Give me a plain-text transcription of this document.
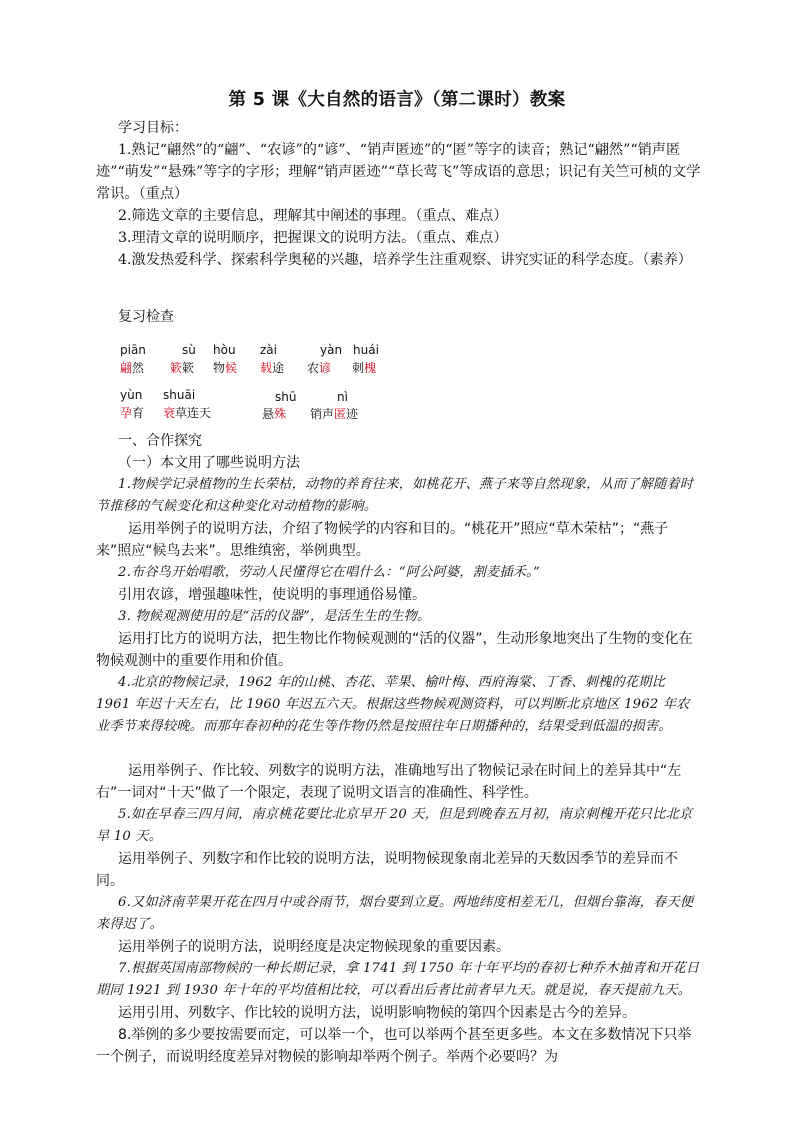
第 5 课《大自然的语言》（第二课时）教案

学习目标：

1.熟记“翩然”的“翩”、“农谚”的“谚”、“销声匿迹”的“匿”等字的读音；熟记“翩然”“销声匿迹”“萌发”“悬殊”等字的字形；理解“销声匿迹”“草长莺飞”等成语的意思；识记有关竺可桢的文学常识。（重点）

2.筛选文章的主要信息，理解其中阐述的事理。（重点、难点）

3.理清文章的说明顺序，把握课文的说明方法。（重点、难点）

4.激发热爱科学、探索科学奥秘的兴趣，培养学生注重观察、讲究实证的科学态度。（素养）

复习检查

piān
翩然
sù
簌簌
hòu
物候
zài
载途
yàn
农谚
huái
刺槐
yùn
孕育
shuāi
衰草连天
shū
悬殊
nì
销声匿迹

一、合作探究

（一）本文用了哪些说明方法

1.物候学记录植物的生长荣枯，动物的养育往来，如桃花开、燕子来等自然现象，从而了解随着时节推移的气候变化和这种变化对动植物的影响。

运用举例子的说明方法，介绍了物候学的内容和目的。“桃花开”照应“草木荣枯”；“燕子来”照应“候鸟去来”。思维缜密，举例典型。

2.布谷鸟开始唱歌，劳动人民懂得它在唱什么：“阿公阿婆，割麦插禾。”

引用农谚，增强趣味性，使说明的事理通俗易懂。

3. 物候观测使用的是“活的仪器”，是活生生的生物。

运用打比方的说明方法，把生物比作物候观测的“活的仪器”，生动形象地突出了生物的变化在物候观测中的重要作用和价值。

4.北京的物候记录，1962 年的山桃、杏花、苹果、榆叶梅、西府海棠、丁香、刺槐的花期比 1961 年迟十天左右，比 1960 年迟五六天。根据这些物候观测资料，可以判断北京地区 1962 年农业季节来得较晚。而那年春初种的花生等作物仍然是按照往年日期播种的，结果受到低温的损害。

运用举例子、作比较、列数字的说明方法，准确地写出了物候记录在时间上的差异其中“左右”一词对“十天”做了一个限定，表现了说明文语言的准确性、科学性。

5.如在早春三四月间，南京桃花要比北京早开 20 天，但是到晚春五月初，南京刺槐开花只比北京早 10 天。

运用举例子、列数字和作比较的说明方法，说明物候现象南北差异的天数因季节的差异而不同。

6.又如济南苹果开花在四月中或谷雨节，烟台要到立夏。两地纬度相差无几，但烟台靠海，春天便来得迟了。

运用举例子的说明方法，说明经度是决定物候现象的重要因素。

7.根据英国南部物候的一种长期记录，拿 1741 到 1750 年十年平均的春初七种乔木抽青和开花日期同 1921 到 1930 年十年的平均值相比较，可以看出后者比前者早九天。就是说，春天提前九天。

运用引用、列数字、作比较的说明方法，说明影响物候的第四个因素是古今的差异。

8.举例的多少要按需要而定，可以举一个，也可以举两个甚至更多些。本文在多数情况下只举一个例子，而说明经度差异对物候的影响却举两个例子。举两个必要吗？为
